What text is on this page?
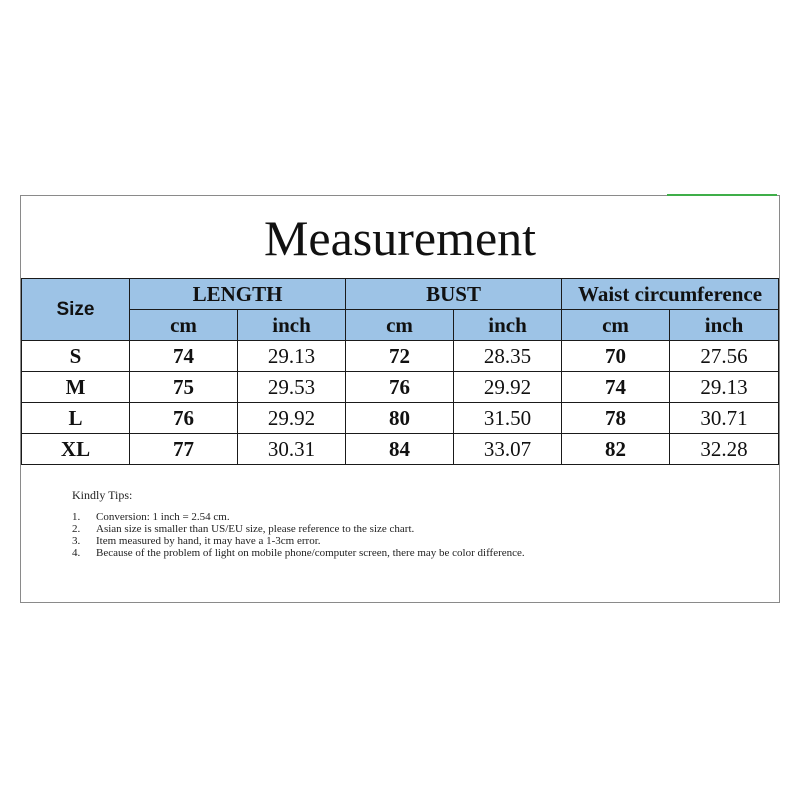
Measurement
Size	LENGTH		BUST		Waist circumference	
	cm	inch	cm	inch	cm	inch
S	74	29.13	72	28.35	70	27.56
M	75	29.53	76	29.92	74	29.13
L	76	29.92	80	31.50	78	30.71
XL	77	30.31	84	33.07	82	32.28
Kindly Tips:
1.	Conversion: 1 inch = 2.54 cm.
2.	Asian size is smaller than US/EU size, please reference to the size chart.
3.	Item measured by hand, it may have a 1-3cm error.
4.	Because of the problem of light on mobile phone/computer screen, there may be color difference.
